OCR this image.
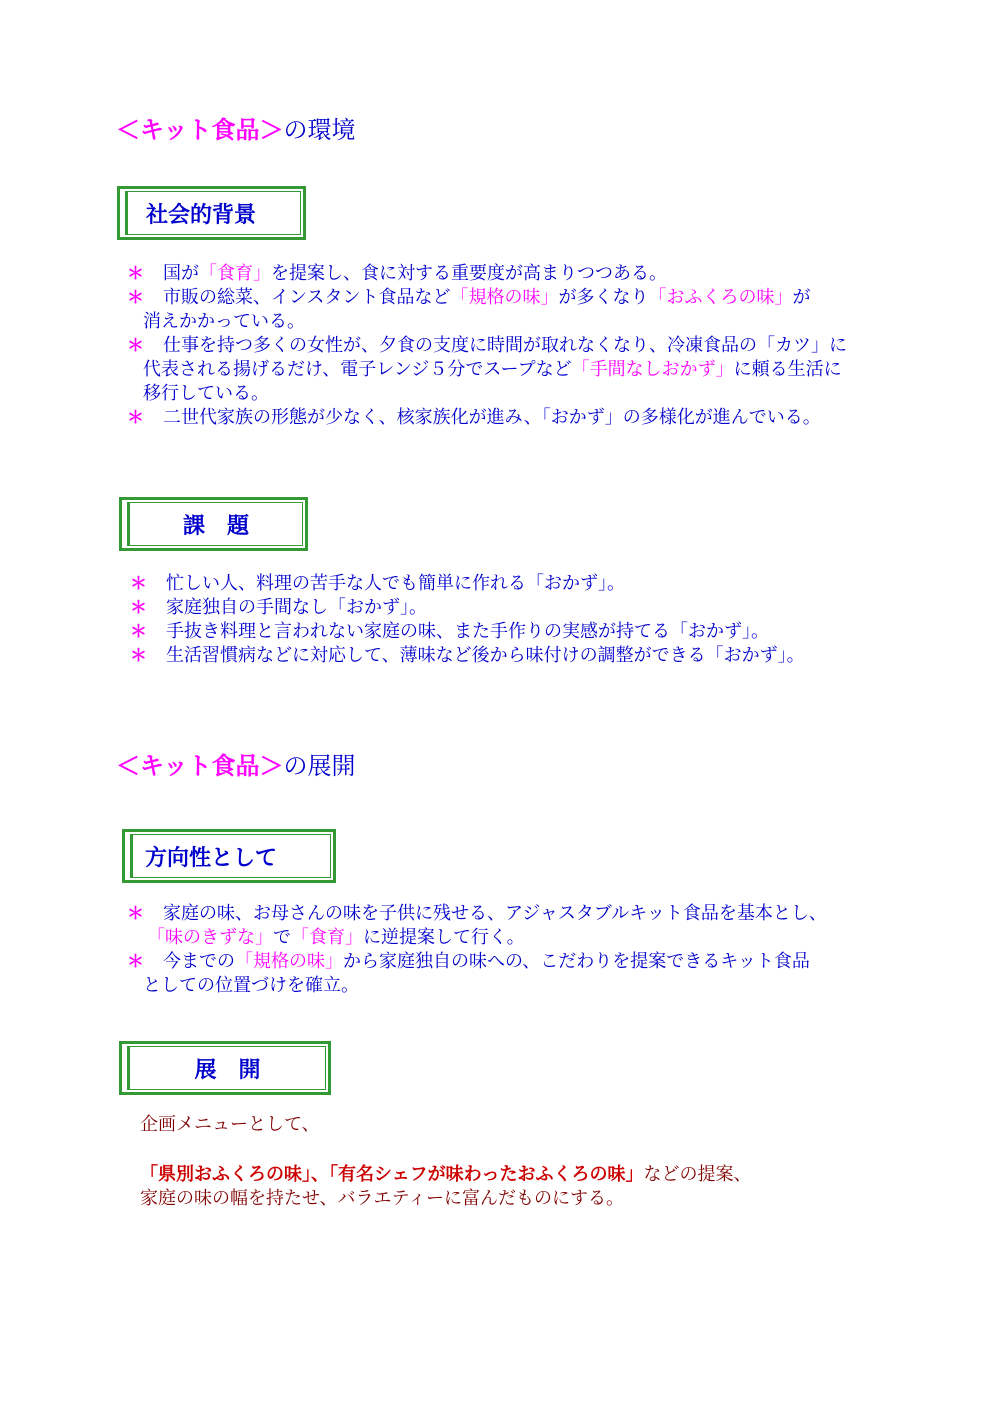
＜キット食品＞の環境
社会的背景
＊ 国が「食育」を提案し、食に対する重要度が高まりつつある。
＊ 市販の総菜、インスタント食品など「規格の味」が多くなり「おふくろの味」が
消えかかっている。
＊ 仕事を持つ多くの女性が、夕食の支度に時間が取れなくなり、冷凍食品の「カツ」に
代表される揚げるだけ、電子レンジ５分でスープなど「手間なしおかず」に頼る生活に
移行している。
＊ 二世代家族の形態が少なく、核家族化が進み、「おかず」の多様化が進んでいる。
課　題
＊ 忙しい人、料理の苦手な人でも簡単に作れる「おかず」。
＊ 家庭独自の手間なし「おかず」。
＊ 手抜き料理と言われない家庭の味、また手作りの実感が持てる「おかず」。
＊ 生活習慣病などに対応して、薄味など後から味付けの調整ができる「おかず」。
＜キット食品＞の展開
方向性として
＊ 家庭の味、お母さんの味を子供に残せる、アジャスタブルキット食品を基本とし、
「味のきずな」で「食育」に逆提案して行く。
＊ 今までの「規格の味」から家庭独自の味への、こだわりを提案できるキット食品
としての位置づけを確立。
展　開
企画メニューとして、
「県別おふくろの味」、「有名シェフが味わったおふくろの味」などの提案、
家庭の味の幅を持たせ、バラエティーに富んだものにする。
